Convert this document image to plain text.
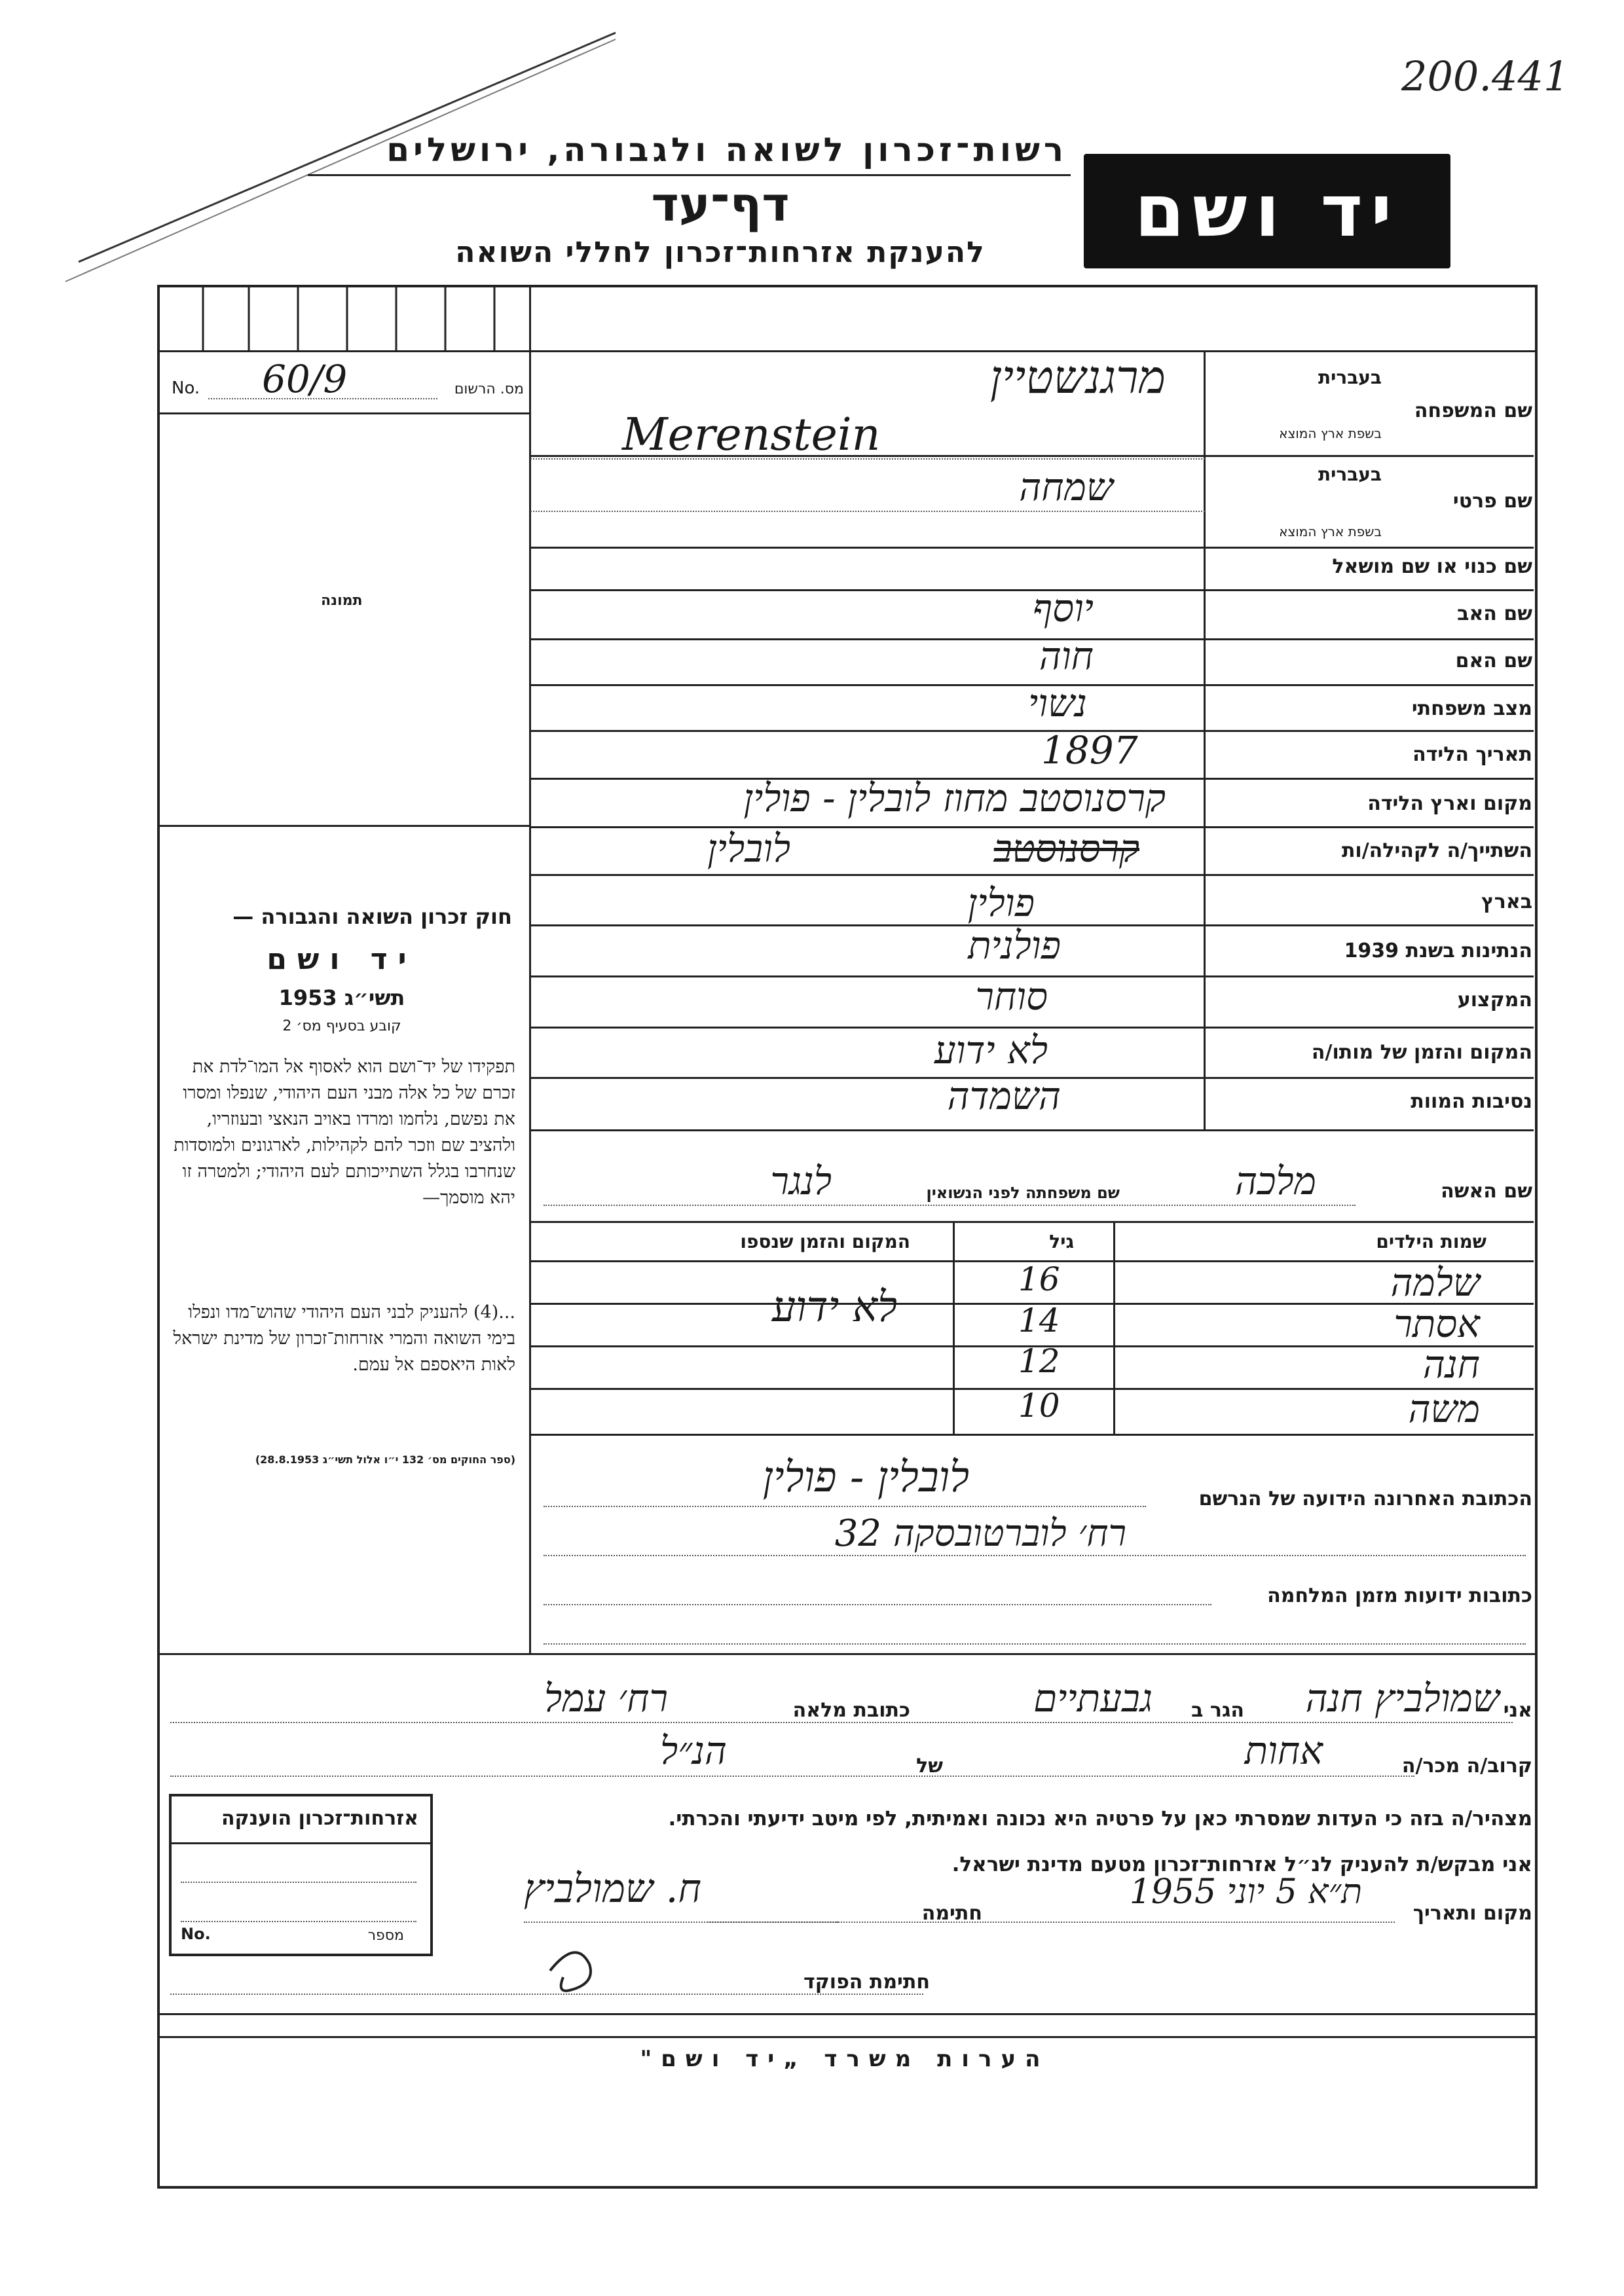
200.441
רשות־זכרון לשואה ולגבורה, ירושלים
דף־עד
להענקת אזרחות־זכרון לחללי השואה	יד ושם
מס. הרשום
No. 60/9
תמונה
חוק זכרון השואה והגבורה —
יד ושם
תשי״ג 1953
קובע בסעיף מס׳ 2
תפקידו של יד־ושם הוא לאסוף אל המו־לדת את זכרם של כל אלה מבני העם היהודי, שנפלו ומסרו את נפשם, נלחמו ומרדו באויב הנאצי ובעוזריו, ולהציב שם וזכר להם לקהילות, לארגונים ולמוסדות שנחרבו בגלל השתייכותם לעם היהודי; ולמטרה זו יהא מוסמך—
...(4) להעניק לבני העם היהודי שהוש־מדו ונפלו בימי השואה והמרי אזרחות־זכרון של מדינת ישראל לאות היאספם אל עמם.
(ספר החוקים מס׳ 132 י״ו אלול תשי״ג 28.8.1953)
שם המשפחה
בעברית
בשפת ארץ המוצא
מרגנשטיין
Merenstein
שם פרטי
בעברית
בשפת ארץ המוצא
שמחה
שם כנוי או שם מושאל
שם האב
יוסף
שם האם
חוה
מצב משפחתי
נשוי
תאריך הלידה
1897
מקום וארץ הלידה
קרסנוסטב מחוז לובלין - פולין
השתייך/ה לקהילה/ות
קרסנוסטב
לובלין
בארץ
פולין
הנתינות בשנת 1939
פולנית
המקצוע
סוחר
המקום והזמן של מותו/ה
לא ידוע
נסיבות המוות
השמדה
שם האשה
מלכה
שם משפחתה לפני הנשואין
לנגר
שמות הילדים
גיל
המקום והזמן שנספו
שלמה
16
אסתר
14
חנה
12
משה
10
לא ידוע
הכתובת האחרונה הידועה של הנרשם
לובלין - פולין
רח׳ לוברטובסקה 32
כתובות ידועות מזמן המלחמה
אני
שמולביץ חנה
הגר ב
גבעתיים
כתובת מלאה
רח׳ עמל
קרוב/ה מכר/ה
אחות
של
הנ״ל
מצהיר/ה בזה כי העדות שמסרתי כאן על פרטיה היא נכונה ואמיתית, לפי מיטב ידיעתי והכרתי.
אני מבקש/ת להעניק לנ״ל אזרחות־זכרון מטעם מדינת ישראל.
מקום ותאריך
ת״א 5 יוני 1955
חתימה
ח. שמולביץ
חתימת הפוקד
אזרחות־זכרון הוענקה
No.	מספר
הערות משרד „יד ושם"
